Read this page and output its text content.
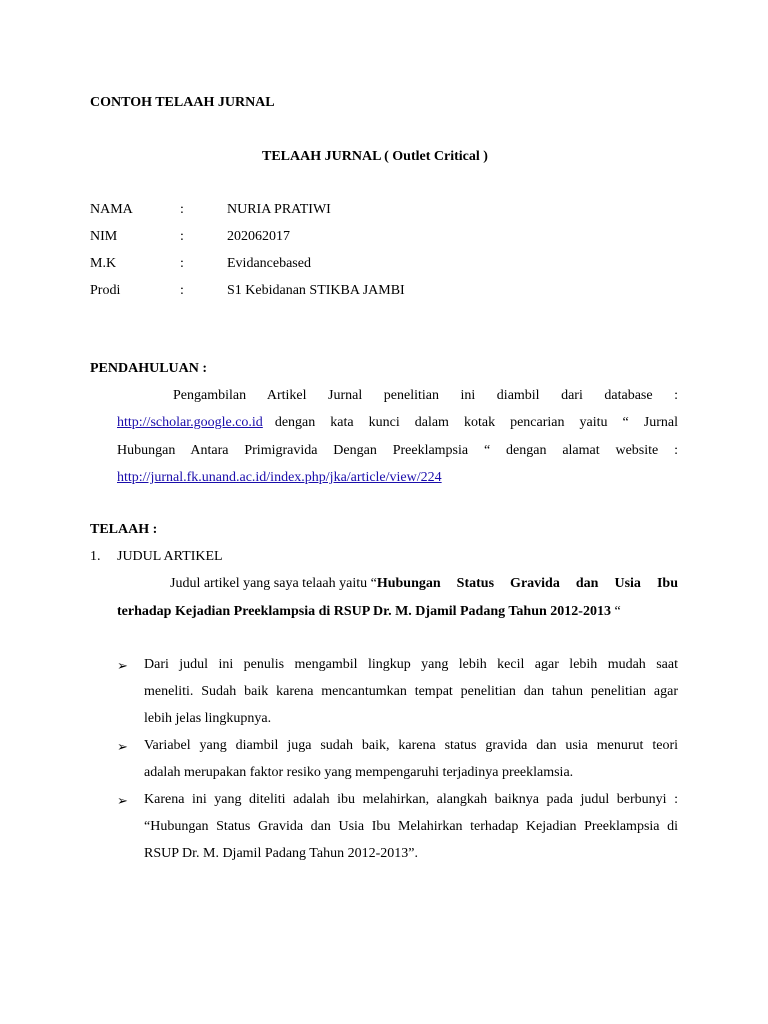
CONTOH TELAAH JURNAL
TELAAH JURNAL ( Outlet Critical )
NAMA	:	NURIA PRATIWI
NIM	:	202062017
M.K	:	Evidancebased
Prodi	:	S1 Kebidanan STIKBA JAMBI
PENDAHULUAN :
Pengambilan Artikel Jurnal penelitian ini diambil dari database :
http://scholar.google.co.id dengan kata kunci dalam kotak pencarian yaitu “ Jurnal
Hubungan Antara Primigravida Dengan Preeklampsia “ dengan alamat website :
http://jurnal.fk.unand.ac.id/index.php/jka/article/view/224
TELAAH :
1. JUDUL ARTIKEL
Judul artikel yang saya telaah yaitu “ Hubungan Status Gravida dan Usia Ibu
terhadap Kejadian Preeklampsia di RSUP Dr. M. Djamil Padang Tahun 2012-2013 “
➢ Dari judul ini penulis mengambil lingkup yang lebih kecil agar lebih mudah saat
meneliti. Sudah baik karena mencantumkan tempat penelitian dan tahun penelitian agar
lebih jelas lingkupnya.
➢ Variabel yang diambil juga sudah baik, karena status gravida dan usia menurut teori
adalah merupakan faktor resiko yang mempengaruhi terjadinya preeklamsia.
➢ Karena ini yang diteliti adalah ibu melahirkan, alangkah baiknya pada judul berbunyi :
“Hubungan Status Gravida dan Usia Ibu Melahirkan terhadap Kejadian Preeklampsia di
RSUP Dr. M. Djamil Padang Tahun 2012-2013”.
